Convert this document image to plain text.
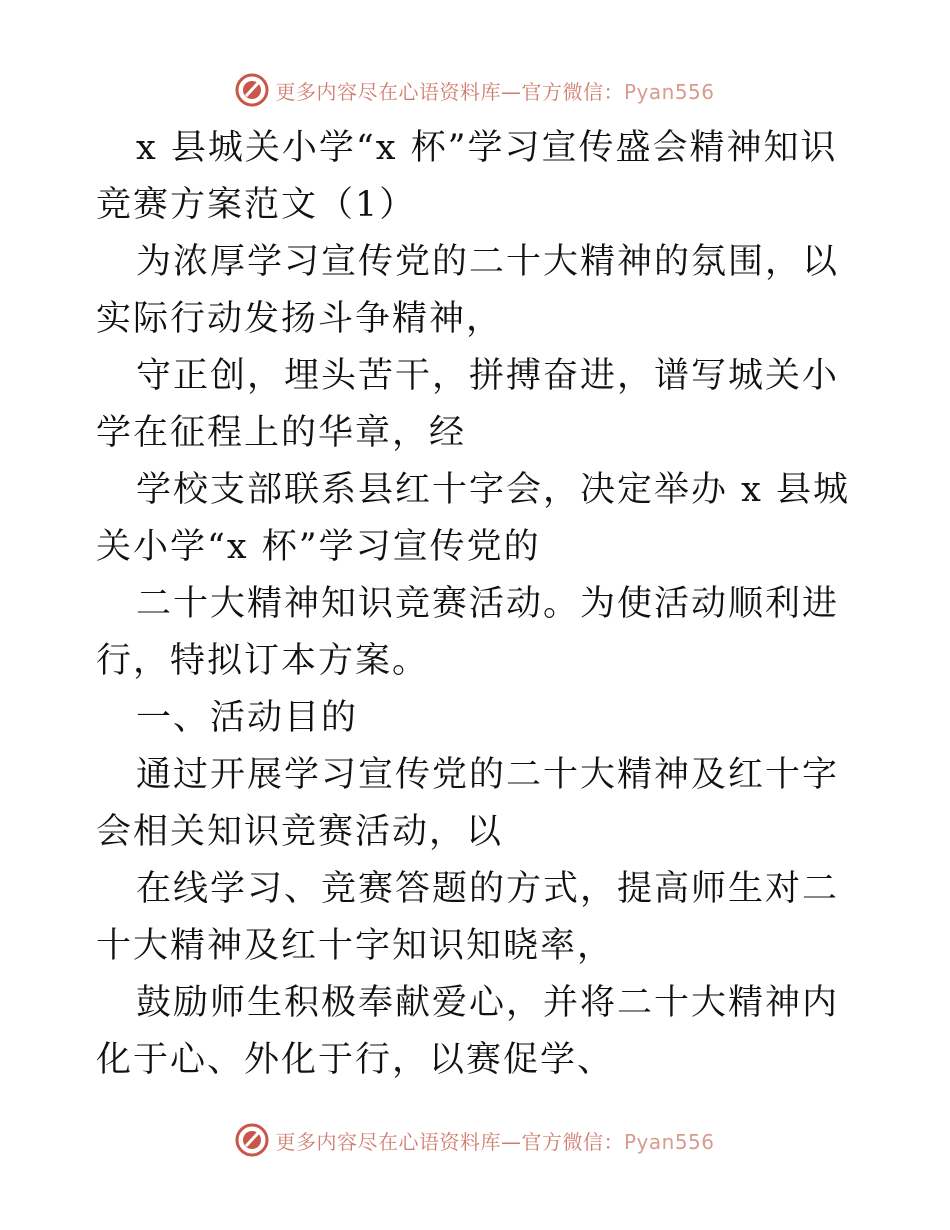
更多内容尽在心语资料库—官方微信：Pyan556

x 县城关小学“x 杯”学习宣传盛会精神知识竞赛方案范文（1）

为浓厚学习宣传党的二十大精神的氛围，以实际行动发扬斗争精神，

守正创，埋头苦干，拼搏奋进，谱写城关小学在征程上的华章，经

学校支部联系县红十字会，决定举办 x 县城关小学“x 杯”学习宣传党的

二十大精神知识竞赛活动。为使活动顺利进行，特拟订本方案。

一、活动目的

通过开展学习宣传党的二十大精神及红十字会相关知识竞赛活动，以

在线学习、竞赛答题的方式，提高师生对二十大精神及红十字知识知晓率，

鼓励师生积极奉献爱心，并将二十大精神内化于心、外化于行，以赛促学、

更多内容尽在心语资料库—官方微信：Pyan556
